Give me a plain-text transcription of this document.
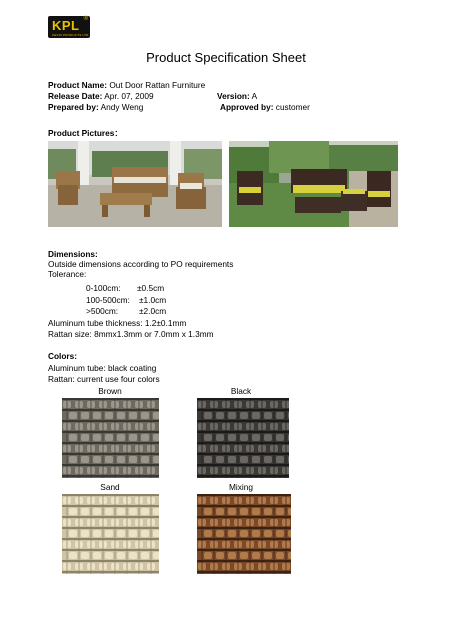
KPL ®
KEVIN PRODUCTS LTD
Product Specification Sheet
Product Name: Out Door Rattan Furniture
Release Date: Apr. 07, 2009	Version: A
Prepared by: Andy Weng	Approved by: customer
Product Pictures：
Dimensions:
Outside dimensions according to PO requirements
Tolerance:
0-100cm: ±0.5cm
100-500cm: ±1.0cm
>500cm:	±2.0cm
Aluminum tube thickness: 1.2±0.1mm
Rattan size: 8mmx1.3mm or 7.0mm x 1.3mm
Colors:
Aluminum tube: black coating
Rattan: current use four colors
Brown	Black
Sand	Mixing
